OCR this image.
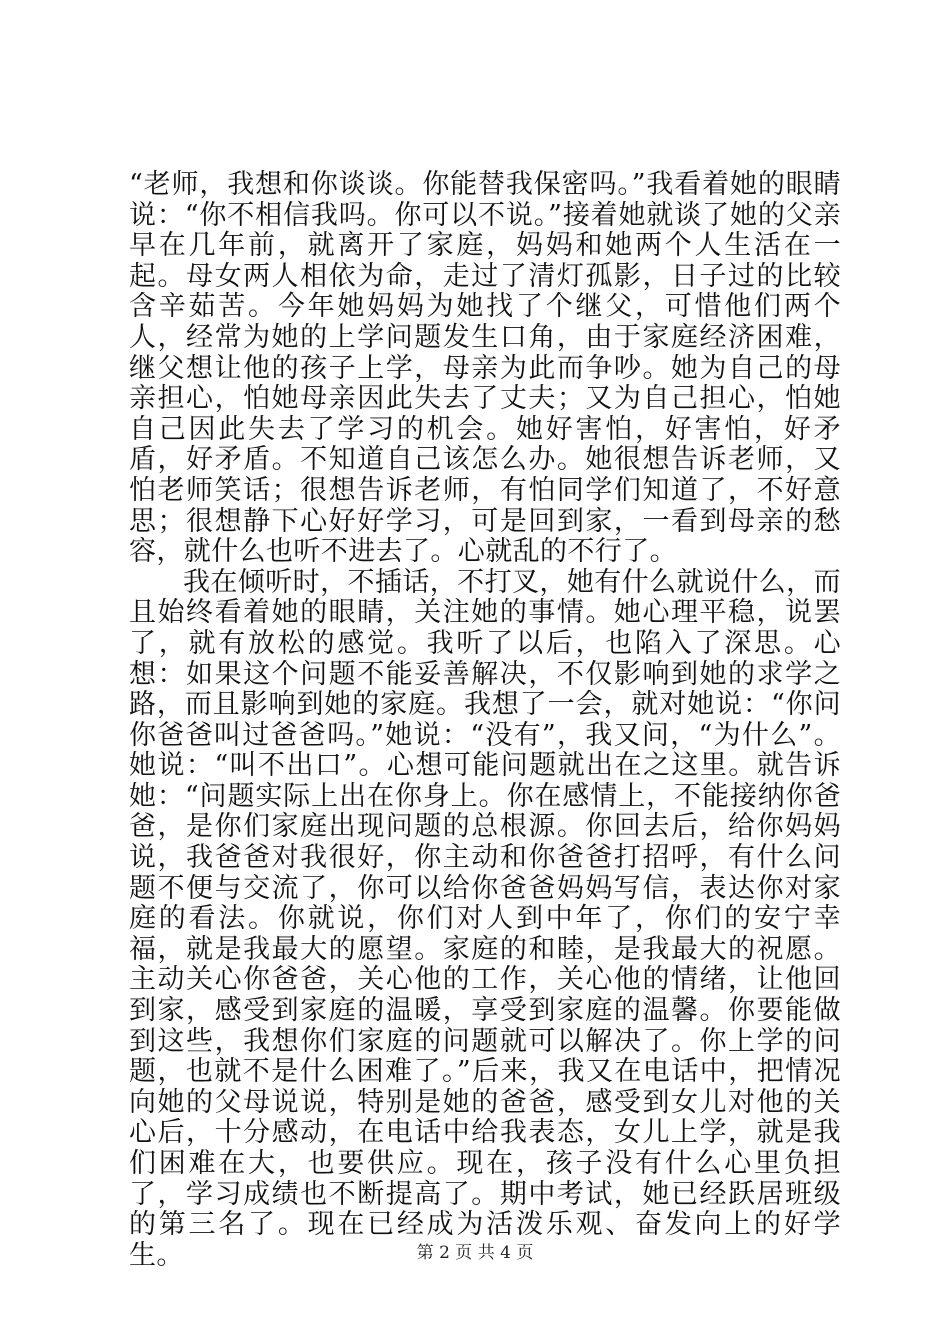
“老师，我想和你谈谈。你能替我保密吗。”我看着她的眼睛说：“你不相信我吗。你可以不说。”接着她就谈了她的父亲早在几年前，就离开了家庭，妈妈和她两个人生活在一起。母女两人相依为命，走过了清灯孤影，日子过的比较含辛茹苦。今年她妈妈为她找了个继父，可惜他们两个人，经常为她的上学问题发生口角，由于家庭经济困难，继父想让他的孩子上学，母亲为此而争吵。她为自己的母亲担心，怕她母亲因此失去了丈夫；又为自己担心，怕她自己因此失去了学习的机会。她好害怕，好害怕，好矛盾，好矛盾。不知道自己该怎么办。她很想告诉老师，又怕老师笑话；很想告诉老师，有怕同学们知道了，不好意思；很想静下心好好学习，可是回到家，一看到母亲的愁容，就什么也听不进去了。心就乱的不行了。

我在倾听时，不插话，不打叉，她有什么就说什么，而且始终看着她的眼睛，关注她的事情。她心理平稳，说罢了，就有放松的感觉。我听了以后，也陷入了深思。心想：如果这个问题不能妥善解决，不仅影响到她的求学之路，而且影响到她的家庭。我想了一会，就对她说：“你问你爸爸叫过爸爸吗。”她说：“没有”，我又问，“为什么”。她说：“叫不出口”。心想可能问题就出在之这里。就告诉她：“问题实际上出在你身上。你在感情上，不能接纳你爸爸，是你们家庭出现问题的总根源。你回去后，给你妈妈说，我爸爸对我很好，你主动和你爸爸打招呼，有什么问题不便与交流了，你可以给你爸爸妈妈写信，表达你对家庭的看法。你就说，你们对人到中年了，你们的安宁幸福，就是我最大的愿望。家庭的和睦，是我最大的祝愿。主动关心你爸爸，关心他的工作，关心他的情绪，让他回到家，感受到家庭的温暖，享受到家庭的温馨。你要能做到这些，我想你们家庭的问题就可以解决了。你上学的问题，也就不是什么困难了。”后来，我又在电话中，把情况向她的父母说说，特别是她的爸爸，感受到女儿对他的关心后，十分感动，在电话中给我表态，女儿上学，就是我们困难在大，也要供应。现在，孩子没有什么心里负担了，学习成绩也不断提高了。期中考试，她已经跃居班级的第三名了。现在已经成为活泼乐观、奋发向上的好学生。	第 2 页 共 4 页
